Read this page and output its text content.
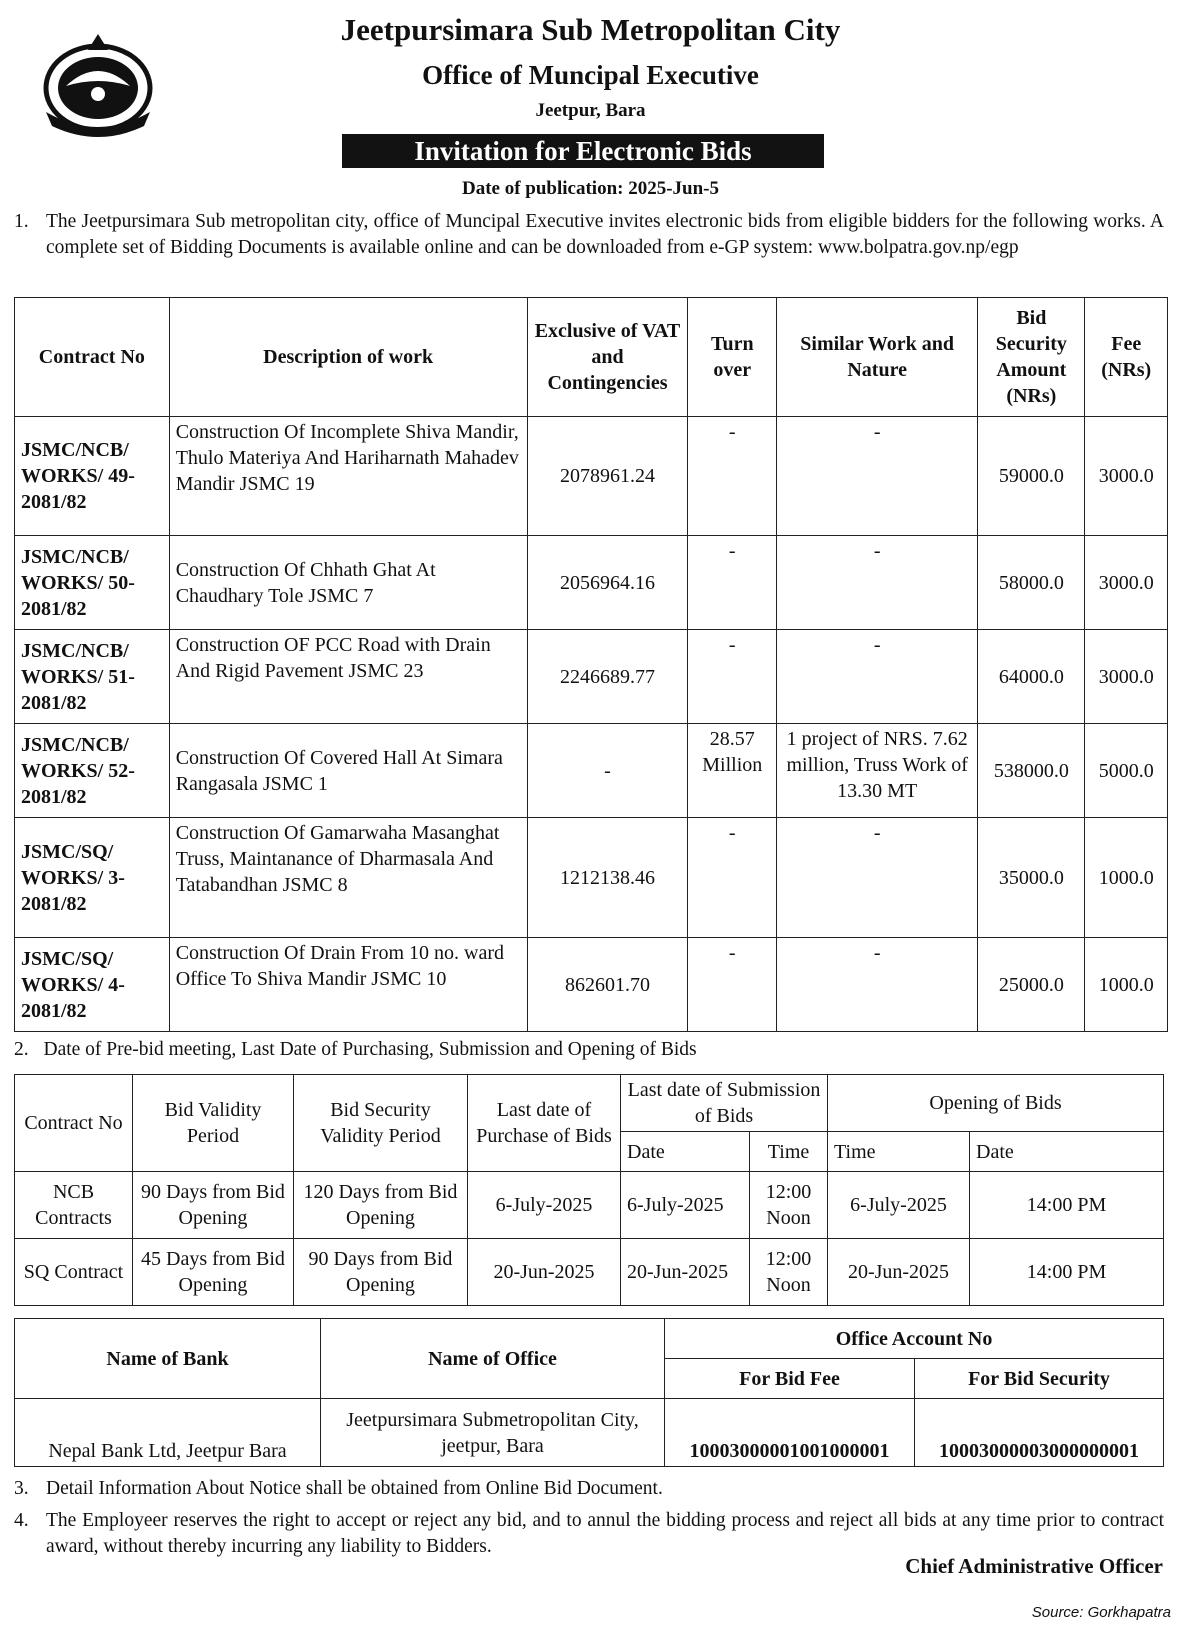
Jeetpursimara Sub Metropolitan City
Office of Muncipal Executive
Jeetpur, Bara
Invitation for Electronic Bids
Date of publication: 2025-Jun-5
1. The Jeetpursimara Sub metropolitan city, office of Muncipal Executive invites electronic bids from eligible bidders for the following works. A complete set of Bidding Documents is available online and can be downloaded from e-GP system: www.bolpatra.gov.np/egp
Contract No	Description of work	Exclusive of VAT and Contingencies	Turn over	Similar Work and Nature	Bid Security Amount (NRs)	Fee (NRs)
JSMC/NCB/ WORKS/ 49-2081/82	Construction Of Incomplete Shiva Mandir, Thulo Materiya And Hariharnath Mahadev Mandir JSMC 19	2078961.24	-	-	59000.0	3000.0
JSMC/NCB/ WORKS/ 50-2081/82	Construction Of Chhath Ghat At Chaudhary Tole JSMC 7	2056964.16	-	-	58000.0	3000.0
JSMC/NCB/ WORKS/ 51-2081/82	Construction OF PCC Road with Drain And Rigid Pavement JSMC 23	2246689.77	-	-	64000.0	3000.0
JSMC/NCB/ WORKS/ 52-2081/82	Construction Of Covered Hall At Simara Rangasala JSMC 1	-	28.57 Million	1 project of NRS. 7.62 million, Truss Work of 13.30 MT	538000.0	5000.0
JSMC/SQ/ WORKS/ 3-2081/82	Construction Of Gamarwaha Masanghat Truss, Maintanance of Dharmasala And Tatabandhan JSMC 8	1212138.46	-	-	35000.0	1000.0
JSMC/SQ/ WORKS/ 4-2081/82	Construction Of Drain From 10 no. ward Office To Shiva Mandir JSMC 10	862601.70	-	-	25000.0	1000.0
2. Date of Pre-bid meeting, Last Date of Purchasing, Submission and Opening of Bids
Contract No	Bid Validity Period	Bid Security Validity Period	Last date of Purchase of Bids	Last date of Submission of Bids		Opening of Bids	
				Date	Time	Time	Date
NCB Contracts	90 Days from Bid Opening	120 Days from Bid Opening	6-July-2025	6-July-2025	12:00 Noon	6-July-2025	14:00 PM
SQ Contract	45 Days from Bid Opening	90 Days from Bid Opening	20-Jun-2025	20-Jun-2025	12:00 Noon	20-Jun-2025	14:00 PM
Name of Bank	Name of Office	Office Account No	
		For Bid Fee	For Bid Security
Nepal Bank Ltd, Jeetpur Bara	Jeetpursimara Submetropolitan City, jeetpur, Bara	10003000001001000001	10003000003000000001
3. Detail Information About Notice shall be obtained from Online Bid Document.
4. The Employeer reserves the right to accept or reject any bid, and to annul the bidding process and reject all bids at any time prior to contract award, without thereby incurring any liability to Bidders.
Chief Administrative Officer
Source: Gorkhapatra
